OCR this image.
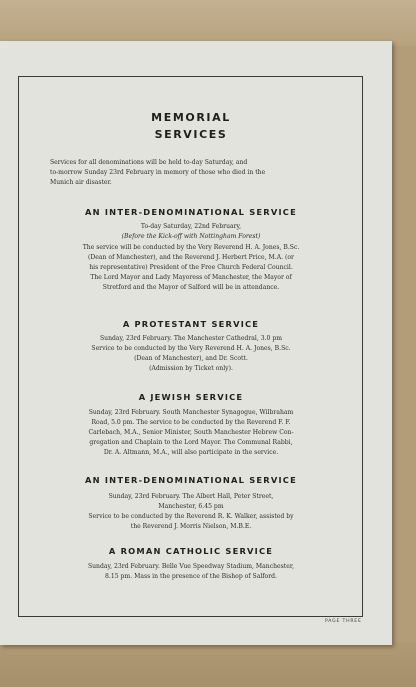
MEMORIAL
SERVICES
Services for all denominations will be held to-day Saturday, and
to-morrow Sunday 23rd February in memory of those who died in the
Munich air disaster.
AN INTER-DENOMINATIONAL SERVICE
To-day Saturday, 22nd February,
(Before the Kick-off with Nottingham Forest)
The service will be conducted by the Very Reverend H. A. Jones, B.Sc.
(Dean of Manchester), and the Reverend J. Herbert Price, M.A. (or
his representative) President of the Free Church Federal Council.
The Lord Mayor and Lady Mayoress of Manchester, the Mayor of
Stretford and the Mayor of Salford will be in attendance.
A PROTESTANT SERVICE
Sunday, 23rd February. The Manchester Cathedral, 3.0 pm
Service to be conducted by the Very Reverend H. A. Jones, B.Sc.
(Dean of Manchester), and Dr. Scott.
(Admission by Ticket only).
A JEWISH SERVICE
Sunday, 23rd February. South Manchester Synagogue, Wilbraham
Road, 5.0 pm. The service to be conducted by the Reverend F. F.
Carlebach, M.A., Senior Minister, South Manchester Hebrew Con-
gregation and Chaplain to the Lord Mayor. The Communal Rabbi,
Dr. A. Altmann, M.A., will also participate in the service.
AN INTER-DENOMINATIONAL SERVICE
Sunday, 23rd February. The Albert Hall, Peter Street,
Manchester, 6.45 pm
Service to be conducted by the Reverend R. K. Walker, assisted by
the Reverend J. Morris Nielson, M.B.E.
A ROMAN CATHOLIC SERVICE
Sunday, 23rd February. Belle Vue Speedway Stadium, Manchester,
8.15 pm. Mass in the presence of the Bishop of Salford.
PAGE THREE
